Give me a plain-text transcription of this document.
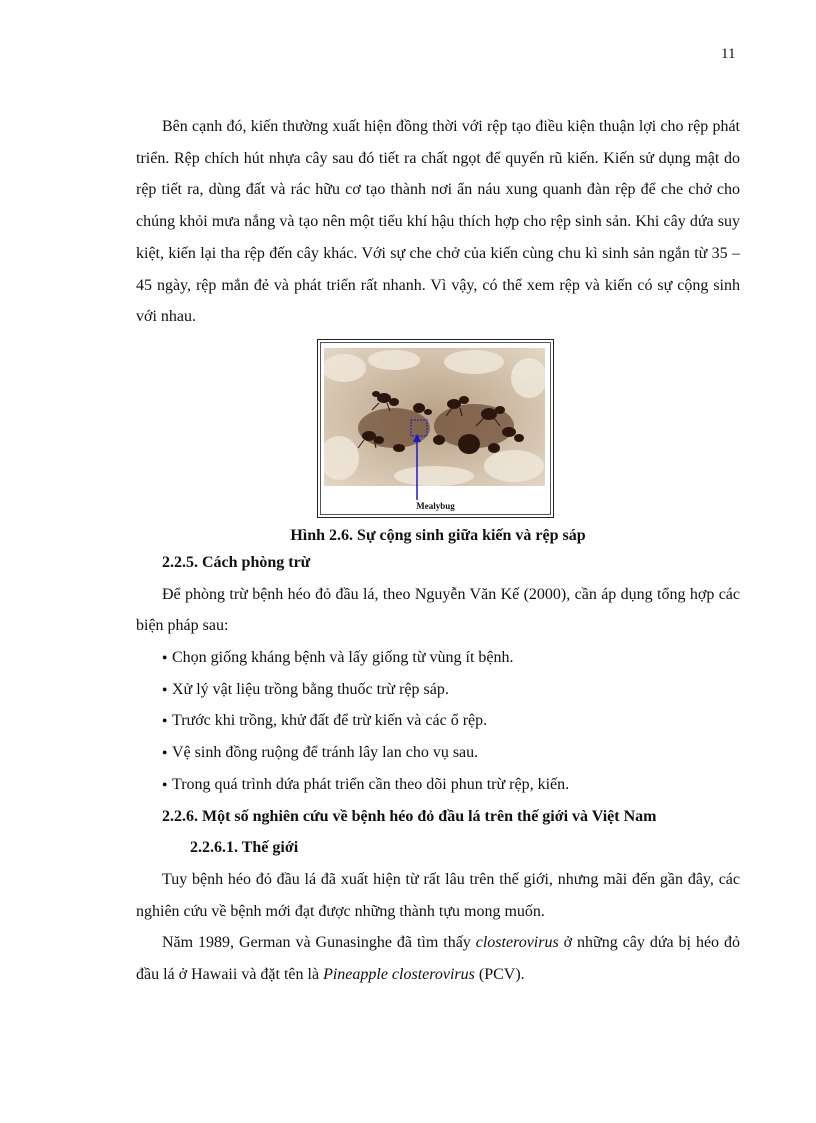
11

Bên cạnh đó, kiến thường xuất hiện đồng thời với rệp tạo điều kiện thuận lợi cho rệp phát triển. Rệp chích hút nhựa cây sau đó tiết ra chất ngọt để quyến rũ kiến. Kiến sử dụng mật do rệp tiết ra, dùng đất và rác hữu cơ tạo thành nơi ẩn náu xung quanh đàn rệp để che chở cho chúng khỏi mưa nắng và tạo nên một tiểu khí hậu thích hợp cho rệp sinh sản. Khi cây dứa suy kiệt, kiến lại tha rệp đến cây khác. Với sự che chở của kiến cùng chu kì sinh sản ngắn từ 35 – 45 ngày, rệp mắn đẻ và phát triển rất nhanh. Vì vậy, có thể xem rệp và kiến có sự cộng sinh với nhau.

Mealybug
Hình 2.6. Sự cộng sinh giữa kiến và rệp sáp

2.2.5. Cách phòng trừ

Để phòng trừ bệnh héo đỏ đầu lá, theo Nguyễn Văn Kế (2000), cần áp dụng tổng hợp các biện pháp sau:

● Chọn giống kháng bệnh và lấy giống từ vùng ít bệnh.
● Xử lý vật liệu trồng bằng thuốc trừ rệp sáp.
● Trước khi trồng, khử đất để trừ kiến và các ổ rệp.
● Vệ sinh đồng ruộng để tránh lây lan cho vụ sau.
● Trong quá trình dứa phát triển cần theo dõi phun trừ rệp, kiến.

2.2.6. Một số nghiên cứu về bệnh héo đỏ đầu lá trên thế giới và Việt Nam

2.2.6.1. Thế giới

Tuy bệnh héo đỏ đầu lá đã xuất hiện từ rất lâu trên thế giới, nhưng mãi đến gần đây, các nghiên cứu về bệnh mới đạt được những thành tựu mong muốn.

Năm 1989, German và Gunasinghe đã tìm thấy closterovirus ở những cây dứa bị héo đỏ đầu lá ở Hawaii và đặt tên là Pineapple closterovirus (PCV).
